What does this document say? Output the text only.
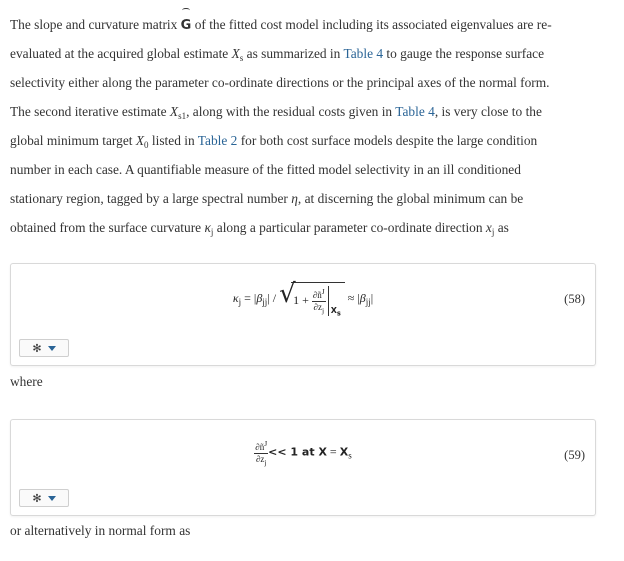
The slope and curvature matrix G of the fitted cost model including its associated eigenvalues are re-
evaluated at the acquired global estimate $X_s$ as summarized in Table 4 to gauge the response surface
selectivity either along the parameter co-ordinate directions or the principal axes of the normal form.
The second iterative estimate $X_{s1}$, along with the residual costs given in Table 4, is very close to the
global minimum target $X_0$ listed in Table 2 for both cost surface models despite the large condition
number in each case. A quantifiable measure of the fitted model selectivity in an ill conditioned
stationary region, tagged by a large spectral number η, at discerning the global minimum can be
obtained from the surface curvature $\kappa_j$ along a particular parameter co-ordinate direction $x_j$ as
$\kappa_j = |\beta_{jj}|$ / √
$1 + \frac{\partial ñ^J}{\partial z_j} X_s$
≈ $|\beta_{jj}|$	(58)
✻

where

$\frac{\partial ñ^J}{\partial z_j} << 1$ at $X = X_s$	(59)
✻

or alternatively in normal form as
